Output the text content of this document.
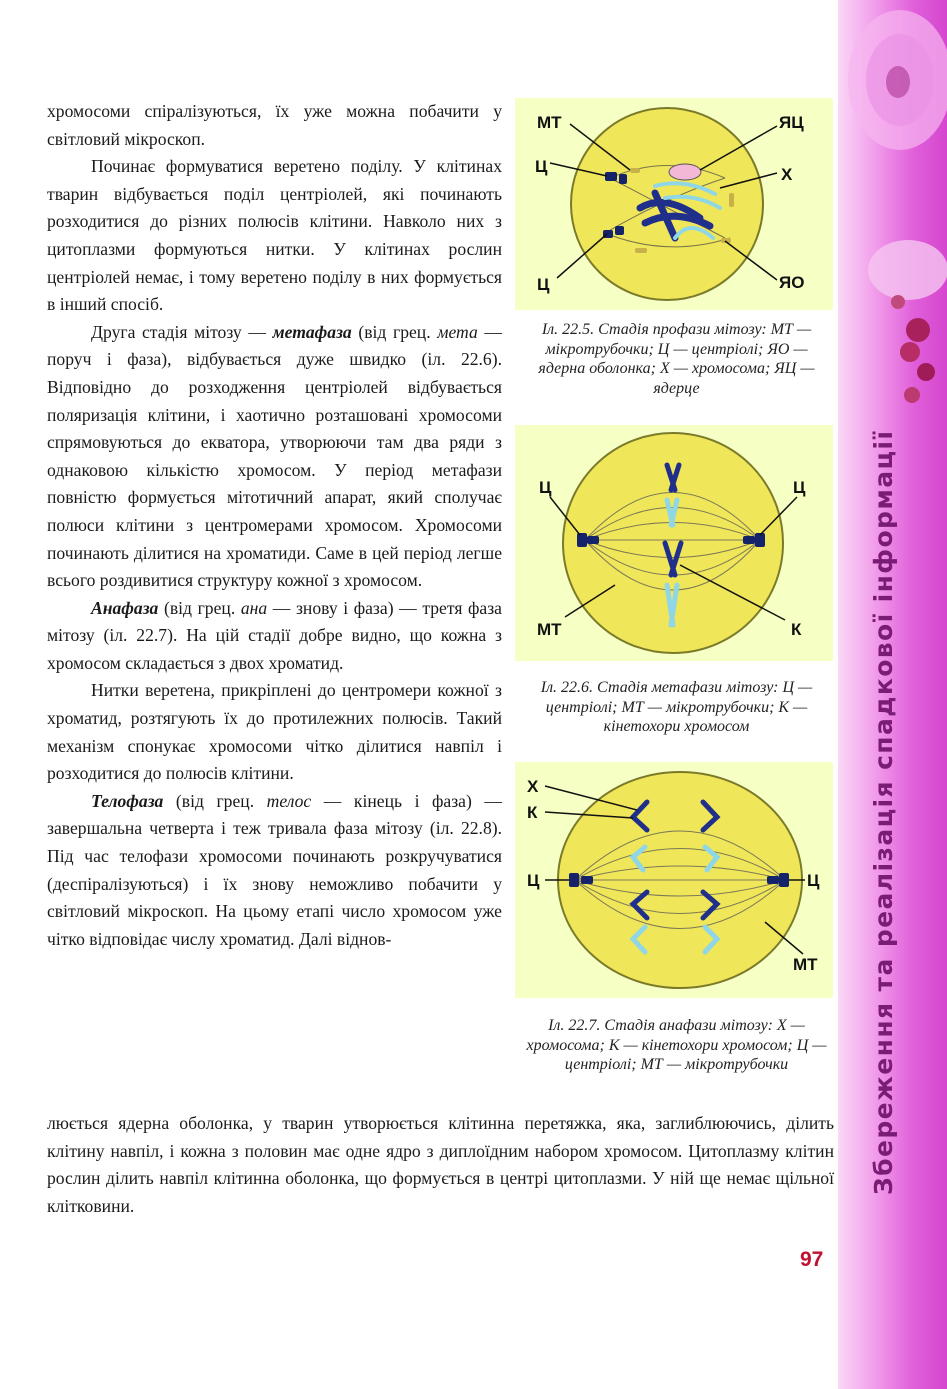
Збереження та реалізація спадкової інформації

хромосоми спіралізуються, їх уже можна побачити у світловий мікроскоп.

Починає формуватися веретено поділу. У клітинах тварин відбувається поділ центріолей, які починають розходитися до різних полюсів клітини. Навколо них з цитоплазми формуються нитки. У клітинах рослин центріолей немає, і тому веретено поділу в них формується в інший спосіб.

Друга стадія мітозу — метафаза (від грец. мета — поруч і фаза), відбувається дуже швидко (іл. 22.6). Відповідно до розходження центріолей відбувається поляризація клітини, і хаотично розташовані хромосоми спрямовуються до екватора, утворюючи там два ряди з однаковою кількістю хромосом. У період метафази повністю формується мітотичний апарат, який сполучає полюси клітини з центромерами хромосом. Хромосоми починають ділитися на хроматиди. Саме в цей період легше всього роздивитися структуру кожної з хромосом.

Анафаза (від грец. ана — знову і фаза) — третя фаза мітозу (іл. 22.7). На цій стадії добре видно, що кожна з хромосом складається з двох хроматид.

Нитки веретена, прикріплені до центромери кожної з хроматид, розтягують їх до протилежних полюсів. Такий механізм спонукає хромосоми чітко ділитися навпіл і розходитися до полюсів клітини.

Телофаза (від грец. телос — кінець і фаза) — завершальна четверта і теж тривала фаза мітозу (іл. 22.8). Під час телофази хромосоми починають розкручуватися (деспіралізуються) і їх знову неможливо побачити у світловий мікроскоп. На цьому етапі число хромосом уже чітко відповідає числу хроматид. Далі віднов-

люється ядерна оболонка, у тварин утворюється клітинна перетяжка, яка, заглиблюючись, ділить клітину навпіл, і кожна з половин має одне ядро з диплоїдним набором хромосом. Цитоплазму клітин рослин ділить навпіл клітинна оболонка, що формується в центрі цитоплазми. У ній ще немає щільної клітковини.

МТ	ЯЦ
Ц	Х
Ц	ЯО
Іл. 22.5. Стадія профази мітозу: МТ — мікротрубочки; Ц — центріолі; ЯО — ядерна оболонка; Х — хромосома; ЯЦ — ядерце
Ц	Ц
МТ	К
Іл. 22.6. Стадія метафази мітозу: Ц — центріолі; МТ — мікротрубочки; К — кінетохори хромосом
Х
К
Ц	Ц
МТ
Іл. 22.7. Стадія анафази мітозу: Х — хромосома; К — кінетохори хромосом; Ц — центріолі; МТ — мікротрубочки
97
